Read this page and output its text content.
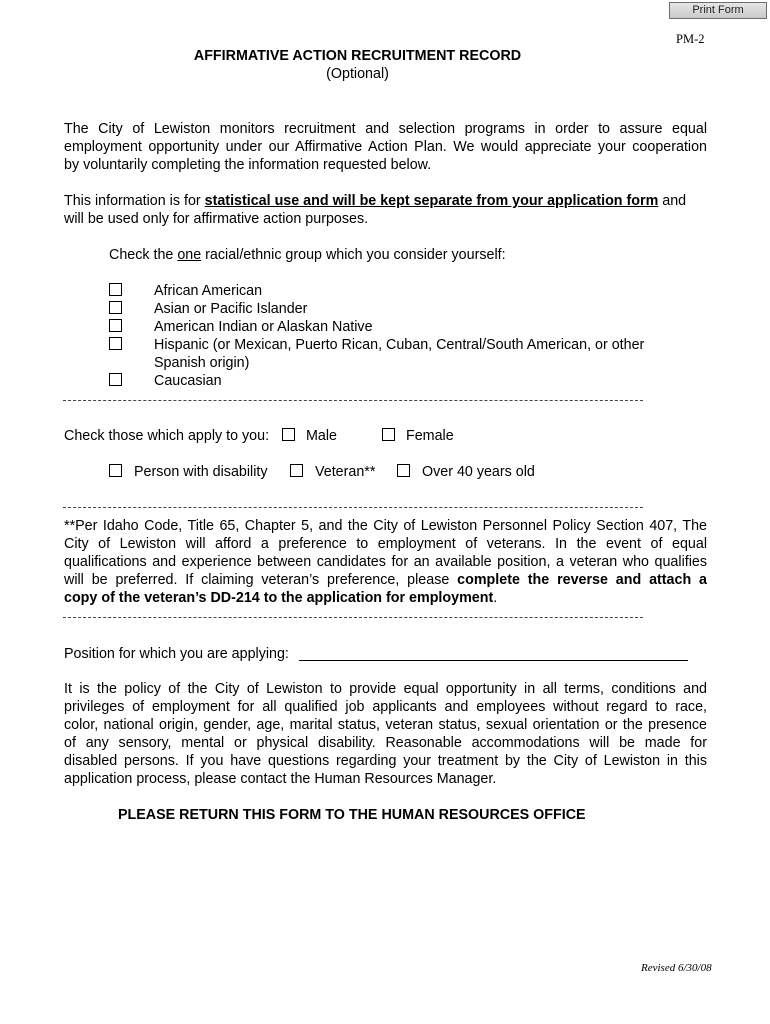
Print Form
PM-2
AFFIRMATIVE ACTION RECRUITMENT RECORD
(Optional)
The City of Lewiston monitors recruitment and selection programs in order to assure equal
employment opportunity under our Affirmative Action Plan. We would appreciate your cooperation
by voluntarily completing the information requested below.
This information is for statistical use and will be kept separate from your application form and
will be used only for affirmative action purposes.
Check the one racial/ethnic group which you consider yourself:
African American
Asian or Pacific Islander
American Indian or Alaskan Native
Hispanic (or Mexican, Puerto Rican, Cuban, Central/South American, or other
Spanish origin)
Caucasian
Check those which apply to you:	Male	Female
Person with disability	Veteran**	Over 40 years old
**Per Idaho Code, Title 65, Chapter 5, and the City of Lewiston Personnel Policy Section 407, The
City of Lewiston will afford a preference to employment of veterans. In the event of equal
qualifications and experience between candidates for an available position, a veteran who qualifies
will be preferred. If claiming veteran’s preference, please complete the reverse and attach a
copy of the veteran’s DD-214 to the application for employment.
Position for which you are applying:
It is the policy of the City of Lewiston to provide equal opportunity in all terms, conditions and
privileges of employment for all qualified job applicants and employees without regard to race,
color, national origin, gender, age, marital status, veteran status, sexual orientation or the presence
of any sensory, mental or physical disability. Reasonable accommodations will be made for
disabled persons. If you have questions regarding your treatment by the City of Lewiston in this
application process, please contact the Human Resources Manager.
PLEASE RETURN THIS FORM TO THE HUMAN RESOURCES OFFICE
Revised 6/30/08
